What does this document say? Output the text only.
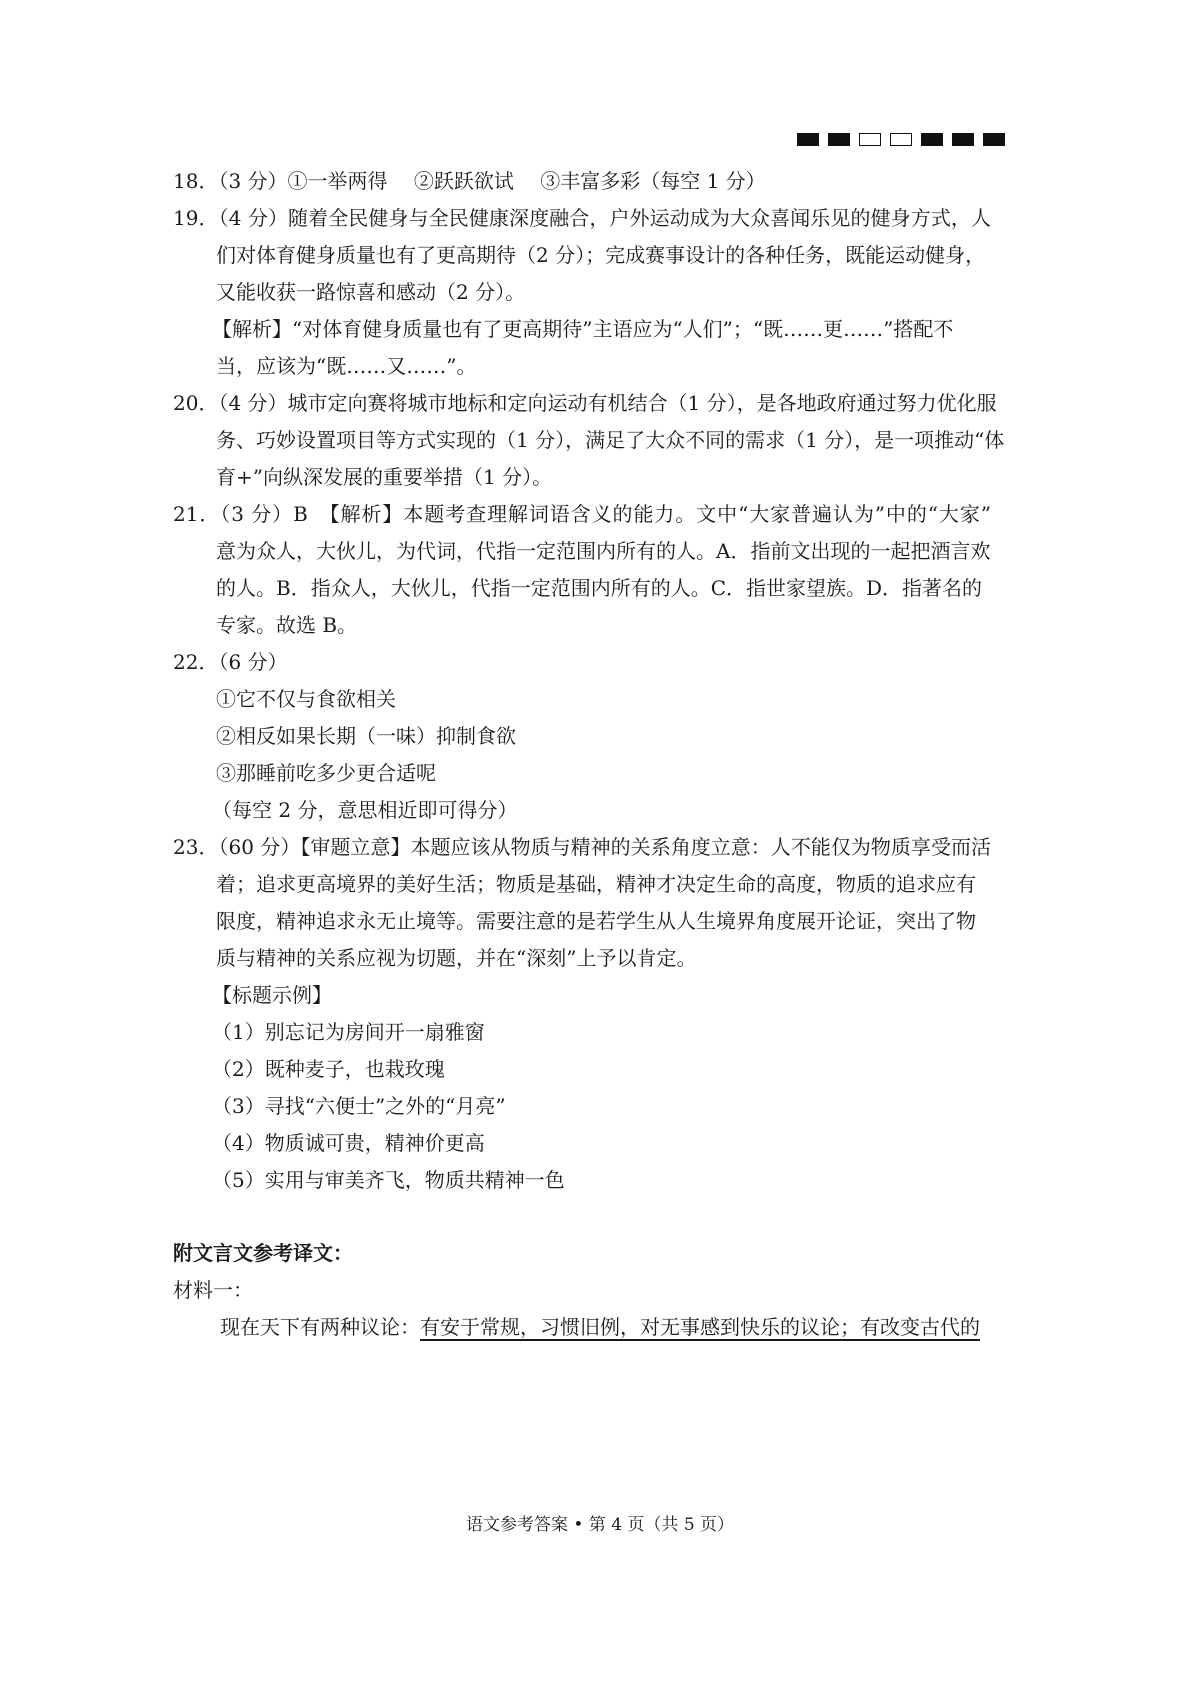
18．（3 分）①一举两得　 ②跃跃欲试　 ③丰富多彩（每空 1 分）
19．（4 分）随着全民健身与全民健康深度融合，户外运动成为大众喜闻乐见的健身方式，人
们对体育健身质量也有了更高期待（2 分）；完成赛事设计的各种任务，既能运动健身，
又能收获一路惊喜和感动（2 分）。
【解析】“对体育健身质量也有了更高期待”主语应为“人们”；“既……更……”搭配不
当，应该为“既……又……”。
20．（4 分）城市定向赛将城市地标和定向运动有机结合（1 分），是各地政府通过努力优化服
务、巧妙设置项目等方式实现的（1 分），满足了大众不同的需求（1 分），是一项推动“体
育+”向纵深发展的重要举措（1 分）。
21．（3 分）B　【解析】本题考查理解词语含义的能力。文中“大家普遍认为”中的“大家”
意为众人，大伙儿，为代词，代指一定范围内所有的人。A．指前文出现的一起把酒言欢
的人。B．指众人，大伙儿，代指一定范围内所有的人。C．指世家望族。D．指著名的
专家。故选 B。
22．（6 分）
①它不仅与食欲相关
②相反如果长期（一味）抑制食欲
③那睡前吃多少更合适呢
（每空 2 分，意思相近即可得分）
23．（60 分）【审题立意】本题应该从物质与精神的关系角度立意：人不能仅为物质享受而活
着；追求更高境界的美好生活；物质是基础，精神才决定生命的高度，物质的追求应有
限度，精神追求永无止境等。需要注意的是若学生从人生境界角度展开论证，突出了物
质与精神的关系应视为切题，并在“深刻”上予以肯定。
【标题示例】
（1）别忘记为房间开一扇雅窗
（2）既种麦子，也栽玫瑰
（3）寻找“六便士”之外的“月亮”
（4）物质诚可贵，精神价更高
（5）实用与审美齐飞，物质共精神一色
附文言文参考译文：
材料一：
现在天下有两种议论：有安于常规，习惯旧例，对无事感到快乐的议论；有改变古代的
语文参考答案 • 第 4 页（共 5 页）
